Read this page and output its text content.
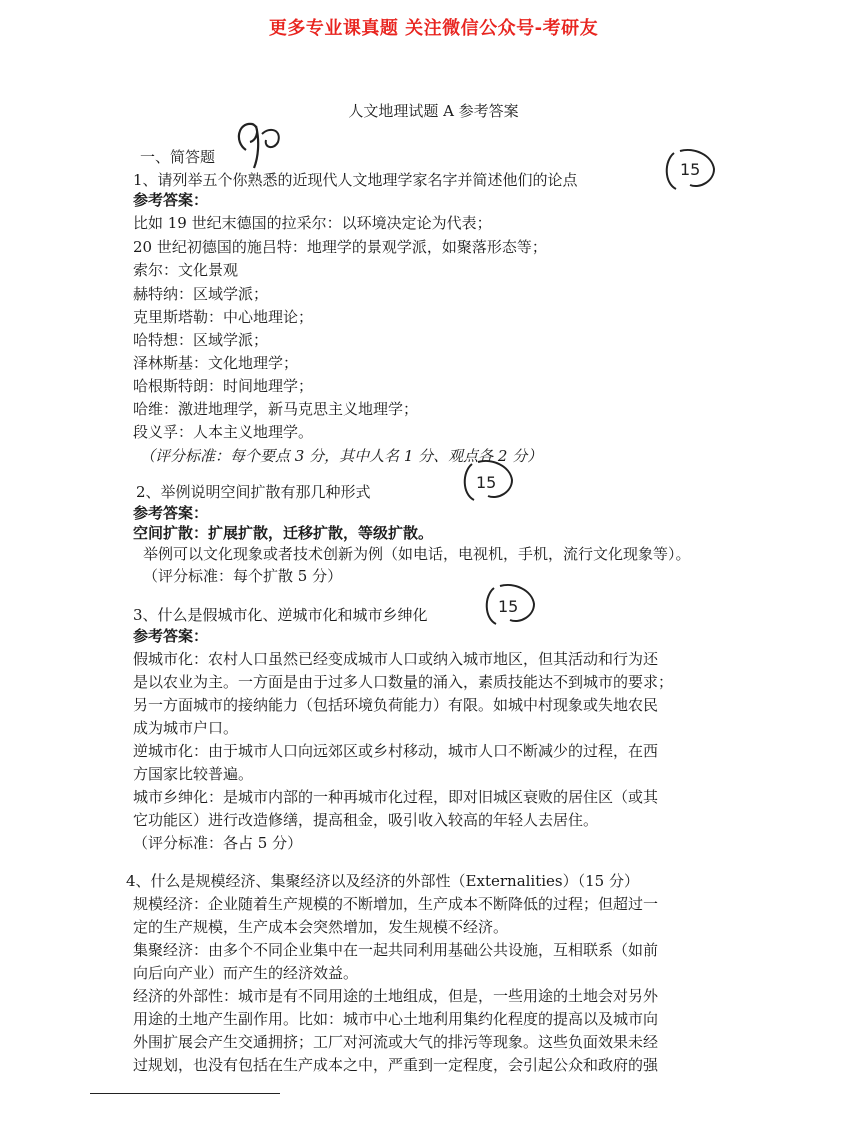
更多专业课真题 关注微信公众号-考研友
人文地理试题 A 参考答案
一、简答题
1、请列举五个你熟悉的近现代人文地理学家名字并简述他们的论点
15
参考答案：
比如 19 世纪末德国的拉采尔：以环境决定论为代表；
20 世纪初德国的施吕特：地理学的景观学派，如聚落形态等；
索尔：文化景观
赫特纳：区域学派；
克里斯塔勒：中心地理论；
哈特想：区域学派；
泽林斯基：文化地理学；
哈根斯特朗：时间地理学；
哈维：激进地理学，新马克思主义地理学；
段义孚：人本主义地理学。
（评分标准：每个要点 3 分，其中人名 1 分、观点各 2 分）
2、举例说明空间扩散有那几种形式	15
参考答案：
空间扩散：扩展扩散，迁移扩散，等级扩散。
举例可以文化现象或者技术创新为例（如电话，电视机，手机，流行文化现象等）。
（评分标准：每个扩散 5 分）
3、什么是假城市化、逆城市化和城市乡绅化	15
参考答案：
假城市化：农村人口虽然已经变成城市人口或纳入城市地区，但其活动和行为还
是以农业为主。一方面是由于过多人口数量的涌入，素质技能达不到城市的要求；
另一方面城市的接纳能力（包括环境负荷能力）有限。如城中村现象或失地农民
成为城市户口。
逆城市化：由于城市人口向远郊区或乡村移动，城市人口不断减少的过程，在西
方国家比较普遍。
城市乡绅化：是城市内部的一种再城市化过程，即对旧城区衰败的居住区（或其
它功能区）进行改造修缮，提高租金，吸引收入较高的年轻人去居住。
（评分标准：各占 5 分）
4、什么是规模经济、集聚经济以及经济的外部性（Externalities）（15 分）
规模经济：企业随着生产规模的不断增加，生产成本不断降低的过程；但超过一
定的生产规模，生产成本会突然增加，发生规模不经济。
集聚经济：由多个不同企业集中在一起共同利用基础公共设施，互相联系（如前
向后向产业）而产生的经济效益。
经济的外部性：城市是有不同用途的土地组成，但是，一些用途的土地会对另外
用途的土地产生副作用。比如：城市中心土地利用集约化程度的提高以及城市向
外围扩展会产生交通拥挤；工厂对河流或大气的排污等现象。这些负面效果未经
过规划，也没有包括在生产成本之中，严重到一定程度，会引起公众和政府的强
